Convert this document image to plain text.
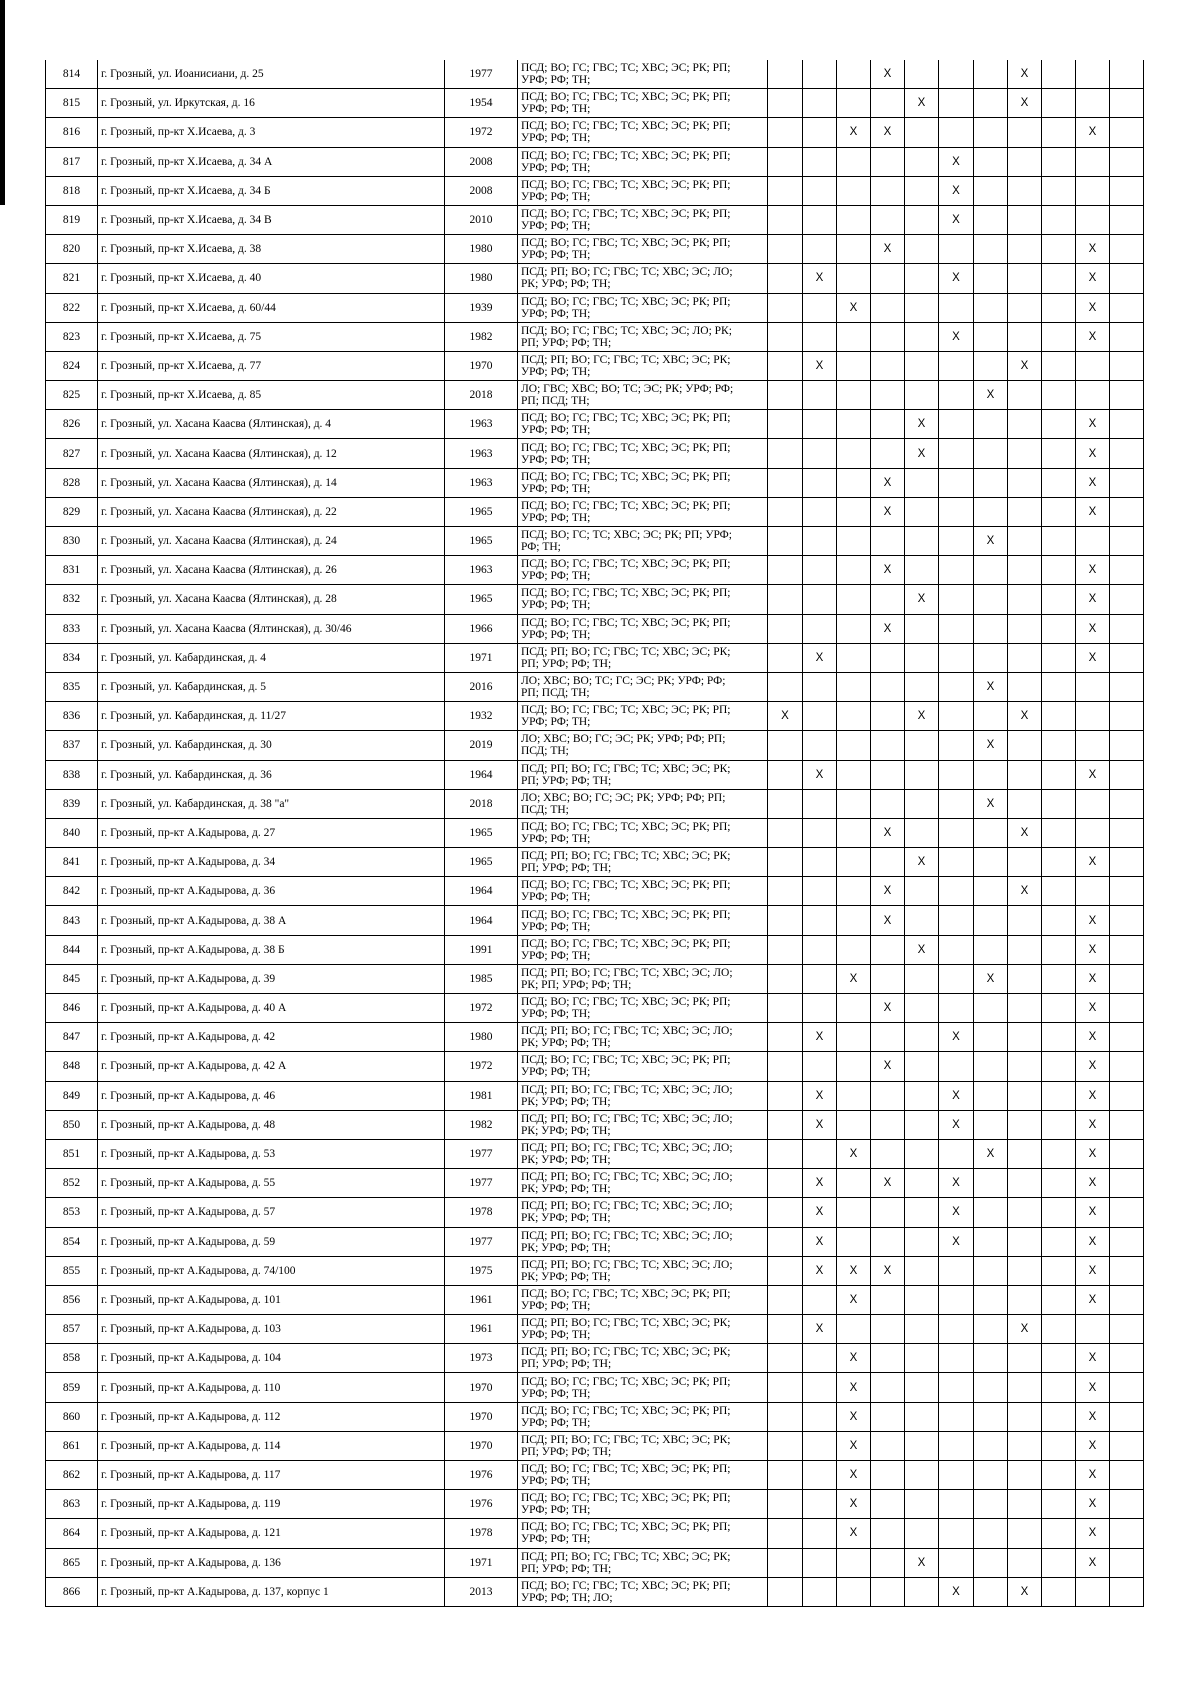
814	г. Грозный, ул. Иоанисиани, д. 25	1977	ПСД; ВО; ГС; ГВС; ТС; ХВС; ЭС; РК; РП;
УРФ; РФ; ТН;				X				X			
815	г. Грозный, ул. Иркутская, д. 16	1954	ПСД; ВО; ГС; ГВС; ТС; ХВС; ЭС; РК; РП;
УРФ; РФ; ТН;					X			X			
816	г. Грозный, пр-кт Х.Исаева, д. 3	1972	ПСД; ВО; ГС; ГВС; ТС; ХВС; ЭС; РК; РП;
УРФ; РФ; ТН;			X	X						X	
817	г. Грозный, пр-кт Х.Исаева, д. 34 А	2008	ПСД; ВО; ГС; ГВС; ТС; ХВС; ЭС; РК; РП;
УРФ; РФ; ТН;						X					
818	г. Грозный, пр-кт Х.Исаева, д. 34 Б	2008	ПСД; ВО; ГС; ГВС; ТС; ХВС; ЭС; РК; РП;
УРФ; РФ; ТН;						X					
819	г. Грозный, пр-кт Х.Исаева, д. 34 В	2010	ПСД; ВО; ГС; ГВС; ТС; ХВС; ЭС; РК; РП;
УРФ; РФ; ТН;						X					
820	г. Грозный, пр-кт Х.Исаева, д. 38	1980	ПСД; ВО; ГС; ГВС; ТС; ХВС; ЭС; РК; РП;
УРФ; РФ; ТН;				X						X	
821	г. Грозный, пр-кт Х.Исаева, д. 40	1980	ПСД; РП; ВО; ГС; ГВС; ТС; ХВС; ЭС; ЛО;
РК; УРФ; РФ; ТН;		X				X				X	
822	г. Грозный, пр-кт Х.Исаева, д. 60/44	1939	ПСД; ВО; ГС; ГВС; ТС; ХВС; ЭС; РК; РП;
УРФ; РФ; ТН;			X							X	
823	г. Грозный, пр-кт Х.Исаева, д. 75	1982	ПСД; ВО; ГС; ГВС; ТС; ХВС; ЭС; ЛО; РК;
РП; УРФ; РФ; ТН;						X				X	
824	г. Грозный, пр-кт Х.Исаева, д. 77	1970	ПСД; РП; ВО; ГС; ГВС; ТС; ХВС; ЭС; РК;
УРФ; РФ; ТН;		X						X			
825	г. Грозный, пр-кт Х.Исаева, д. 85	2018	ЛО; ГВС; ХВС; ВО; ТС; ЭС; РК; УРФ; РФ;
РП; ПСД; ТН;							X				
826	г. Грозный, ул. Хасана Каасва (Ялтинская), д. 4	1963	ПСД; ВО; ГС; ГВС; ТС; ХВС; ЭС; РК; РП;
УРФ; РФ; ТН;					X					X	
827	г. Грозный, ул. Хасана Каасва (Ялтинская), д. 12	1963	ПСД; ВО; ГС; ГВС; ТС; ХВС; ЭС; РК; РП;
УРФ; РФ; ТН;					X					X	
828	г. Грозный, ул. Хасана Каасва (Ялтинская), д. 14	1963	ПСД; ВО; ГС; ГВС; ТС; ХВС; ЭС; РК; РП;
УРФ; РФ; ТН;				X						X	
829	г. Грозный, ул. Хасана Каасва (Ялтинская), д. 22	1965	ПСД; ВО; ГС; ГВС; ТС; ХВС; ЭС; РК; РП;
УРФ; РФ; ТН;				X						X	
830	г. Грозный, ул. Хасана Каасва (Ялтинская), д. 24	1965	ПСД; ВО; ГС; ТС; ХВС; ЭС; РК; РП; УРФ;
РФ; ТН;							X				
831	г. Грозный, ул. Хасана Каасва (Ялтинская), д. 26	1963	ПСД; ВО; ГС; ГВС; ТС; ХВС; ЭС; РК; РП;
УРФ; РФ; ТН;				X						X	
832	г. Грозный, ул. Хасана Каасва (Ялтинская), д. 28	1965	ПСД; ВО; ГС; ГВС; ТС; ХВС; ЭС; РК; РП;
УРФ; РФ; ТН;					X					X	
833	г. Грозный, ул. Хасана Каасва (Ялтинская), д. 30/46	1966	ПСД; ВО; ГС; ГВС; ТС; ХВС; ЭС; РК; РП;
УРФ; РФ; ТН;				X						X	
834	г. Грозный, ул. Кабардинская, д. 4	1971	ПСД; РП; ВО; ГС; ГВС; ТС; ХВС; ЭС; РК;
РП; УРФ; РФ; ТН;		X								X	
835	г. Грозный, ул. Кабардинская, д. 5	2016	ЛО; ХВС; ВО; ТС; ГС; ЭС; РК; УРФ; РФ;
РП; ПСД; ТН;							X				
836	г. Грозный, ул. Кабардинская, д. 11/27	1932	ПСД; ВО; ГС; ГВС; ТС; ХВС; ЭС; РК; РП;
УРФ; РФ; ТН;	X				X			X			
837	г. Грозный, ул. Кабардинская, д. 30	2019	ЛО; ХВС; ВО; ГС; ЭС; РК; УРФ; РФ; РП;
ПСД; ТН;							X				
838	г. Грозный, ул. Кабардинская, д. 36	1964	ПСД; РП; ВО; ГС; ГВС; ТС; ХВС; ЭС; РК;
РП; УРФ; РФ; ТН;		X								X	
839	г. Грозный, ул. Кабардинская, д. 38 "а"	2018	ЛО; ХВС; ВО; ГС; ЭС; РК; УРФ; РФ; РП;
ПСД; ТН;							X				
840	г. Грозный, пр-кт А.Кадырова, д. 27	1965	ПСД; ВО; ГС; ГВС; ТС; ХВС; ЭС; РК; РП;
УРФ; РФ; ТН;				X				X			
841	г. Грозный, пр-кт А.Кадырова, д. 34	1965	ПСД; РП; ВО; ГС; ГВС; ТС; ХВС; ЭС; РК;
РП; УРФ; РФ; ТН;					X					X	
842	г. Грозный, пр-кт А.Кадырова, д. 36	1964	ПСД; ВО; ГС; ГВС; ТС; ХВС; ЭС; РК; РП;
УРФ; РФ; ТН;				X				X			
843	г. Грозный, пр-кт А.Кадырова, д. 38 А	1964	ПСД; ВО; ГС; ГВС; ТС; ХВС; ЭС; РК; РП;
УРФ; РФ; ТН;				X						X	
844	г. Грозный, пр-кт А.Кадырова, д. 38 Б	1991	ПСД; ВО; ГС; ГВС; ТС; ХВС; ЭС; РК; РП;
УРФ; РФ; ТН;					X					X	
845	г. Грозный, пр-кт А.Кадырова, д. 39	1985	ПСД; РП; ВО; ГС; ГВС; ТС; ХВС; ЭС; ЛО;
РК; РП; УРФ; РФ; ТН;			X				X			X	
846	г. Грозный, пр-кт А.Кадырова, д. 40 А	1972	ПСД; ВО; ГС; ГВС; ТС; ХВС; ЭС; РК; РП;
УРФ; РФ; ТН;				X						X	
847	г. Грозный, пр-кт А.Кадырова, д. 42	1980	ПСД; РП; ВО; ГС; ГВС; ТС; ХВС; ЭС; ЛО;
РК; УРФ; РФ; ТН;		X				X				X	
848	г. Грозный, пр-кт А.Кадырова, д. 42 А	1972	ПСД; ВО; ГС; ГВС; ТС; ХВС; ЭС; РК; РП;
УРФ; РФ; ТН;				X						X	
849	г. Грозный, пр-кт А.Кадырова, д. 46	1981	ПСД; РП; ВО; ГС; ГВС; ТС; ХВС; ЭС; ЛО;
РК; УРФ; РФ; ТН;		X				X				X	
850	г. Грозный, пр-кт А.Кадырова, д. 48	1982	ПСД; РП; ВО; ГС; ГВС; ТС; ХВС; ЭС; ЛО;
РК; УРФ; РФ; ТН;		X				X				X	
851	г. Грозный, пр-кт А.Кадырова, д. 53	1977	ПСД; РП; ВО; ГС; ГВС; ТС; ХВС; ЭС; ЛО;
РК; УРФ; РФ; ТН;			X				X			X	
852	г. Грозный, пр-кт А.Кадырова, д. 55	1977	ПСД; РП; ВО; ГС; ГВС; ТС; ХВС; ЭС; ЛО;
РК; УРФ; РФ; ТН;		X		X		X				X	
853	г. Грозный, пр-кт А.Кадырова, д. 57	1978	ПСД; РП; ВО; ГС; ГВС; ТС; ХВС; ЭС; ЛО;
РК; УРФ; РФ; ТН;		X				X				X	
854	г. Грозный, пр-кт А.Кадырова, д. 59	1977	ПСД; РП; ВО; ГС; ГВС; ТС; ХВС; ЭС; ЛО;
РК; УРФ; РФ; ТН;		X				X				X	
855	г. Грозный, пр-кт А.Кадырова, д. 74/100	1975	ПСД; РП; ВО; ГС; ГВС; ТС; ХВС; ЭС; ЛО;
РК; УРФ; РФ; ТН;		X	X	X						X	
856	г. Грозный, пр-кт А.Кадырова, д. 101	1961	ПСД; ВО; ГС; ГВС; ТС; ХВС; ЭС; РК; РП;
УРФ; РФ; ТН;			X							X	
857	г. Грозный, пр-кт А.Кадырова, д. 103	1961	ПСД; РП; ВО; ГС; ГВС; ТС; ХВС; ЭС; РК;
УРФ; РФ; ТН;		X						X			
858	г. Грозный, пр-кт А.Кадырова, д. 104	1973	ПСД; РП; ВО; ГС; ГВС; ТС; ХВС; ЭС; РК;
РП; УРФ; РФ; ТН;			X							X	
859	г. Грозный, пр-кт А.Кадырова, д. 110	1970	ПСД; ВО; ГС; ГВС; ТС; ХВС; ЭС; РК; РП;
УРФ; РФ; ТН;			X							X	
860	г. Грозный, пр-кт А.Кадырова, д. 112	1970	ПСД; ВО; ГС; ГВС; ТС; ХВС; ЭС; РК; РП;
УРФ; РФ; ТН;			X							X	
861	г. Грозный, пр-кт А.Кадырова, д. 114	1970	ПСД; РП; ВО; ГС; ГВС; ТС; ХВС; ЭС; РК;
РП; УРФ; РФ; ТН;			X							X	
862	г. Грозный, пр-кт А.Кадырова, д. 117	1976	ПСД; ВО; ГС; ГВС; ТС; ХВС; ЭС; РК; РП;
УРФ; РФ; ТН;			X							X	
863	г. Грозный, пр-кт А.Кадырова, д. 119	1976	ПСД; ВО; ГС; ГВС; ТС; ХВС; ЭС; РК; РП;
УРФ; РФ; ТН;			X							X	
864	г. Грозный, пр-кт А.Кадырова, д. 121	1978	ПСД; ВО; ГС; ГВС; ТС; ХВС; ЭС; РК; РП;
УРФ; РФ; ТН;			X							X	
865	г. Грозный, пр-кт А.Кадырова, д. 136	1971	ПСД; РП; ВО; ГС; ГВС; ТС; ХВС; ЭС; РК;
РП; УРФ; РФ; ТН;					X					X	
866	г. Грозный, пр-кт А.Кадырова, д. 137, корпус 1	2013	ПСД; ВО; ГС; ГВС; ТС; ХВС; ЭС; РК; РП;
УРФ; РФ; ТН; ЛО;						X		X			
